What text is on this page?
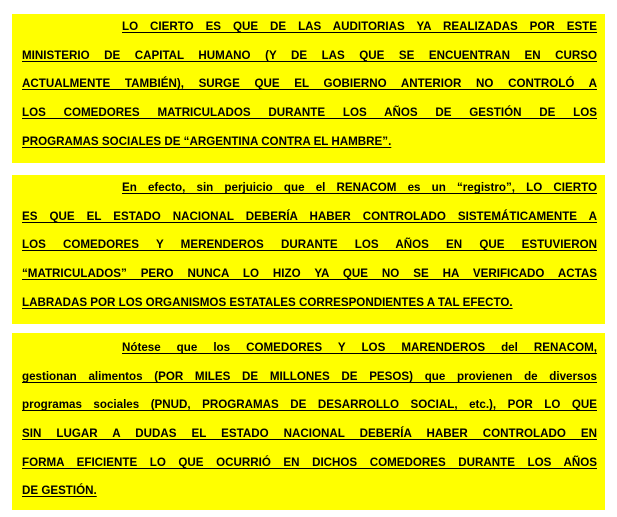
LO CIERTO ES QUE DE LAS AUDITORIAS YA REALIZADAS POR ESTE
MINISTERIO DE CAPITAL HUMANO (Y DE LAS QUE SE ENCUENTRAN EN CURSO
ACTUALMENTE TAMBIÉN), SURGE QUE EL GOBIERNO ANTERIOR NO CONTROLÓ A
LOS COMEDORES MATRICULADOS DURANTE LOS AÑOS DE GESTIÓN DE LOS
PROGRAMAS SOCIALES DE “ARGENTINA CONTRA EL HAMBRE”.
En efecto, sin perjuicio que el RENACOM es un “registro”, LO CIERTO
ES QUE EL ESTADO NACIONAL DEBERÍA HABER CONTROLADO SISTEMÁTICAMENTE A
LOS COMEDORES Y MERENDEROS DURANTE LOS AÑOS EN QUE ESTUVIERON
“MATRICULADOS” PERO NUNCA LO HIZO YA QUE NO SE HA VERIFICADO ACTAS
LABRADAS POR LOS ORGANISMOS ESTATALES CORRESPONDIENTES A TAL EFECTO.
Nótese que los COMEDORES Y LOS MARENDEROS del RENACOM,
gestionan alimentos (POR MILES DE MILLONES DE PESOS) que provienen de diversos
programas sociales (PNUD, PROGRAMAS DE DESARROLLO SOCIAL, etc.), POR LO QUE
SIN LUGAR A DUDAS EL ESTADO NACIONAL DEBERÍA HABER CONTROLADO EN
FORMA EFICIENTE LO QUE OCURRIÓ EN DICHOS COMEDORES DURANTE LOS AÑOS
DE GESTIÓN.
